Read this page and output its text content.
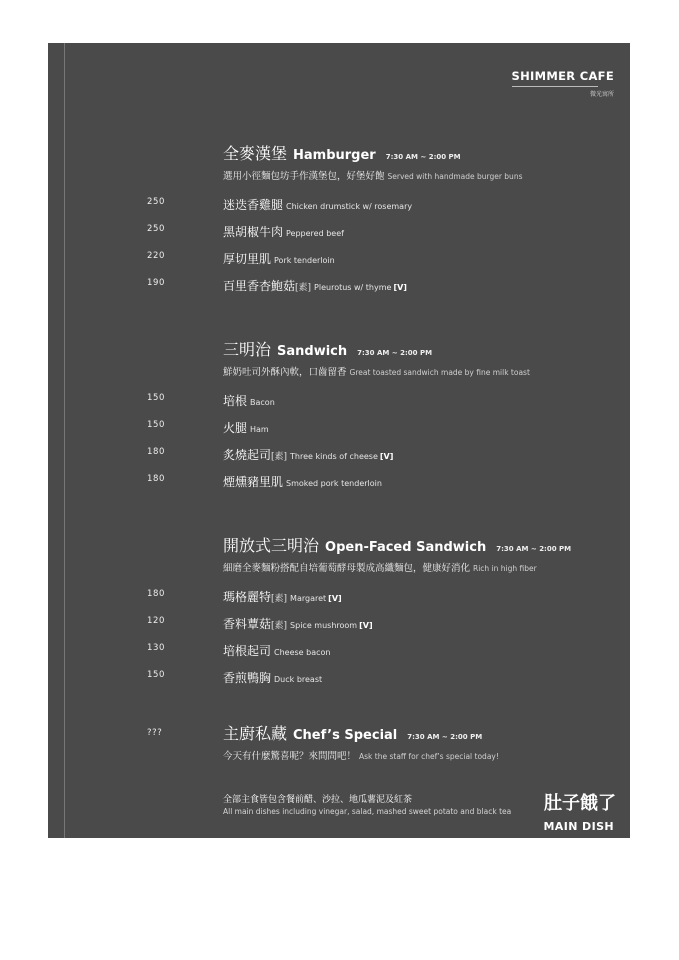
SHIMMER CAFE
微光寓所
全麥漢堡 Hamburger 7:30 AM ~ 2:00 PM
選用小徑麵包坊手作漢堡包，好堡好飽 Served with handmade burger buns
250	迷迭香雞腿 Chicken drumstick w/ rosemary
250	黑胡椒牛肉 Peppered beef
220	厚切里肌 Pork tenderloin
190	百里香杏鮑菇[素] Pleurotus w/ thyme [V]
三明治 Sandwich 7:30 AM ~ 2:00 PM
鮮奶吐司外酥內軟，口齒留香 Great toasted sandwich made by fine milk toast
150	培根 Bacon
150	火腿 Ham
180	炙燒起司[素] Three kinds of cheese [V]
180	煙燻豬里肌 Smoked pork tenderloin
開放式三明治 Open-Faced Sandwich 7:30 AM ~ 2:00 PM
細磨全麥麵粉搭配自培葡萄酵母製成高纖麵包，健康好消化 Rich in high fiber
180	瑪格麗特[素] Margaret [V]
120	香料蕈菇[素] Spice mushroom [V]
130	培根起司 Cheese bacon
150	香煎鴨胸 Duck breast
???	主廚私藏 Chef’s Special 7:30 AM ~ 2:00 PM
今天有什麼驚喜呢？來問問吧！ Ask the staff for chef’s special today!
全部主食皆包含餐前醋、沙拉、地瓜薯泥及紅茶
All main dishes including vinegar, salad, mashed sweet potato and black tea 肚子餓了
MAIN DISH
